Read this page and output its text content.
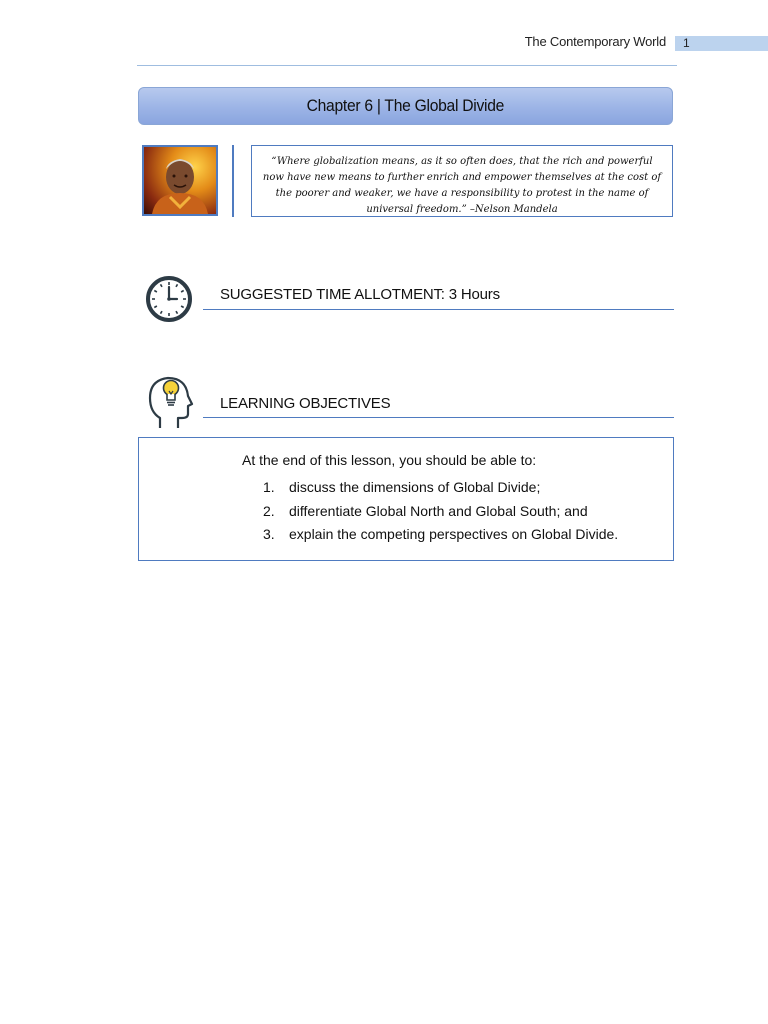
The Contemporary World	1
Chapter 6 | The Global Divide
“Where globalization means, as it so often does, that the rich and powerful now have new means to further enrich and empower themselves at the cost of the poorer and weaker, we have a responsibility to protest in the name of universal freedom.” –Nelson Mandela
SUGGESTED TIME ALLOTMENT: 3 Hours
LEARNING OBJECTIVES
At the end of this lesson, you should be able to:
1. discuss the dimensions of Global Divide;
2. differentiate Global North and Global South; and
3. explain the competing perspectives on Global Divide.
